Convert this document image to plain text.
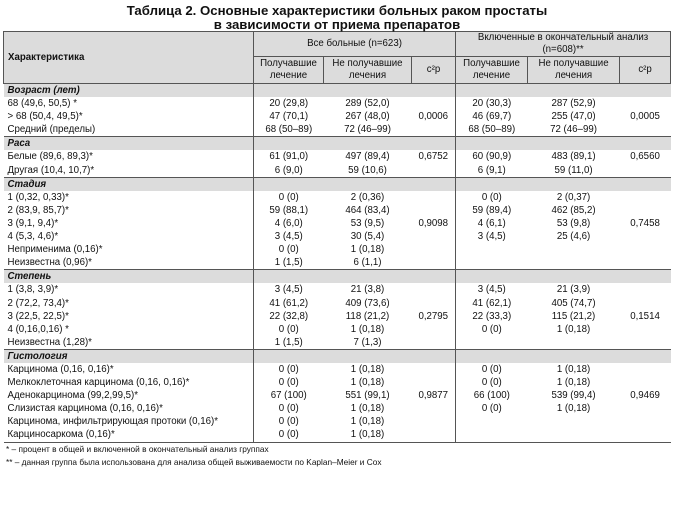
Таблица 2. Основные характеристики больных раком простаты
в зависимости от приема препаратов
Характеристика	Все больные (n=623)			Включенные в окончательный анализ (n=608)**		
	Получавшие лечение	Не получавшие лечения	c²p	Получавшие лечение	Не получавшие лечения	c²p
Возраст (лет)						
68 (49,6, 50,5) *	20 (29,8)	289 (52,0)		20 (30,3)	287 (52,9)	
> 68 (50,4, 49,5)*	47 (70,1)	267 (48,0)	0,0006	46 (69,7)	255 (47,0)	0,0005
Средний (пределы)	68 (50–89)	72 (46–99)		68 (50–89)	72 (46–99)	
Раса						
Белые (89,6, 89,3)*	61 (91,0)	497 (89,4)	0,6752	60 (90,9)	483 (89,1)	0,6560
Другая (10,4, 10,7)*	6 (9,0)	59 (10,6)		6 (9,1)	59 (11,0)	
Стадия						
1 (0,32, 0,33)*	0 (0)	2 (0,36)		0 (0)	2 (0,37)	
2 (83,9, 85,7)*	59 (88,1)	464 (83,4)		59 (89,4)	462 (85,2)	
3 (9,1, 9,4)*	4 (6,0)	53 (9,5)	0,9098	4 (6,1)	53 (9,8)	0,7458
4 (5,3, 4,6)*	3 (4,5)	30 (5,4)		3 (4,5)	25 (4,6)	
Неприменима (0,16)*	0 (0)	1 (0,18)				
Неизвестна (0,96)*	1 (1,5)	6 (1,1)				
Степень						
1 (3,8, 3,9)*	3 (4,5)	21 (3,8)		3 (4,5)	21 (3,9)	
2 (72,2, 73,4)*	41 (61,2)	409 (73,6)		41 (62,1)	405 (74,7)	
3 (22,5, 22,5)*	22 (32,8)	118 (21,2)	0,2795	22 (33,3)	115 (21,2)	0,1514
4 (0,16,0,16) *	0 (0)	1 (0,18)		0 (0)	1 (0,18)	
Неизвестна (1,28)*	1 (1,5)	7 (1,3)				
Гистология						
Карцинома (0,16, 0,16)*	0 (0)	1 (0,18)		0 (0)	1 (0,18)	
Мелкоклеточная карцинома (0,16, 0,16)*	0 (0)	1 (0,18)		0 (0)	1 (0,18)	
Аденокарцинома (99,2,99,5)*	67 (100)	551 (99,1)	0,9877	66 (100)	539 (99,4)	0,9469
Слизистая карцинома (0,16, 0,16)*	0 (0)	1 (0,18)		0 (0)	1 (0,18)	
Карцинома, инфильтрирующая протоки (0,16)*	0 (0)	1 (0,18)				
Карциносаркома (0,16)*	0 (0)	1 (0,18)				
* – процент в общей и включенной в окончательный анализ группах
** – данная группа была использована для анализа общей выживаемости по Kaplan–Meier и Cox
